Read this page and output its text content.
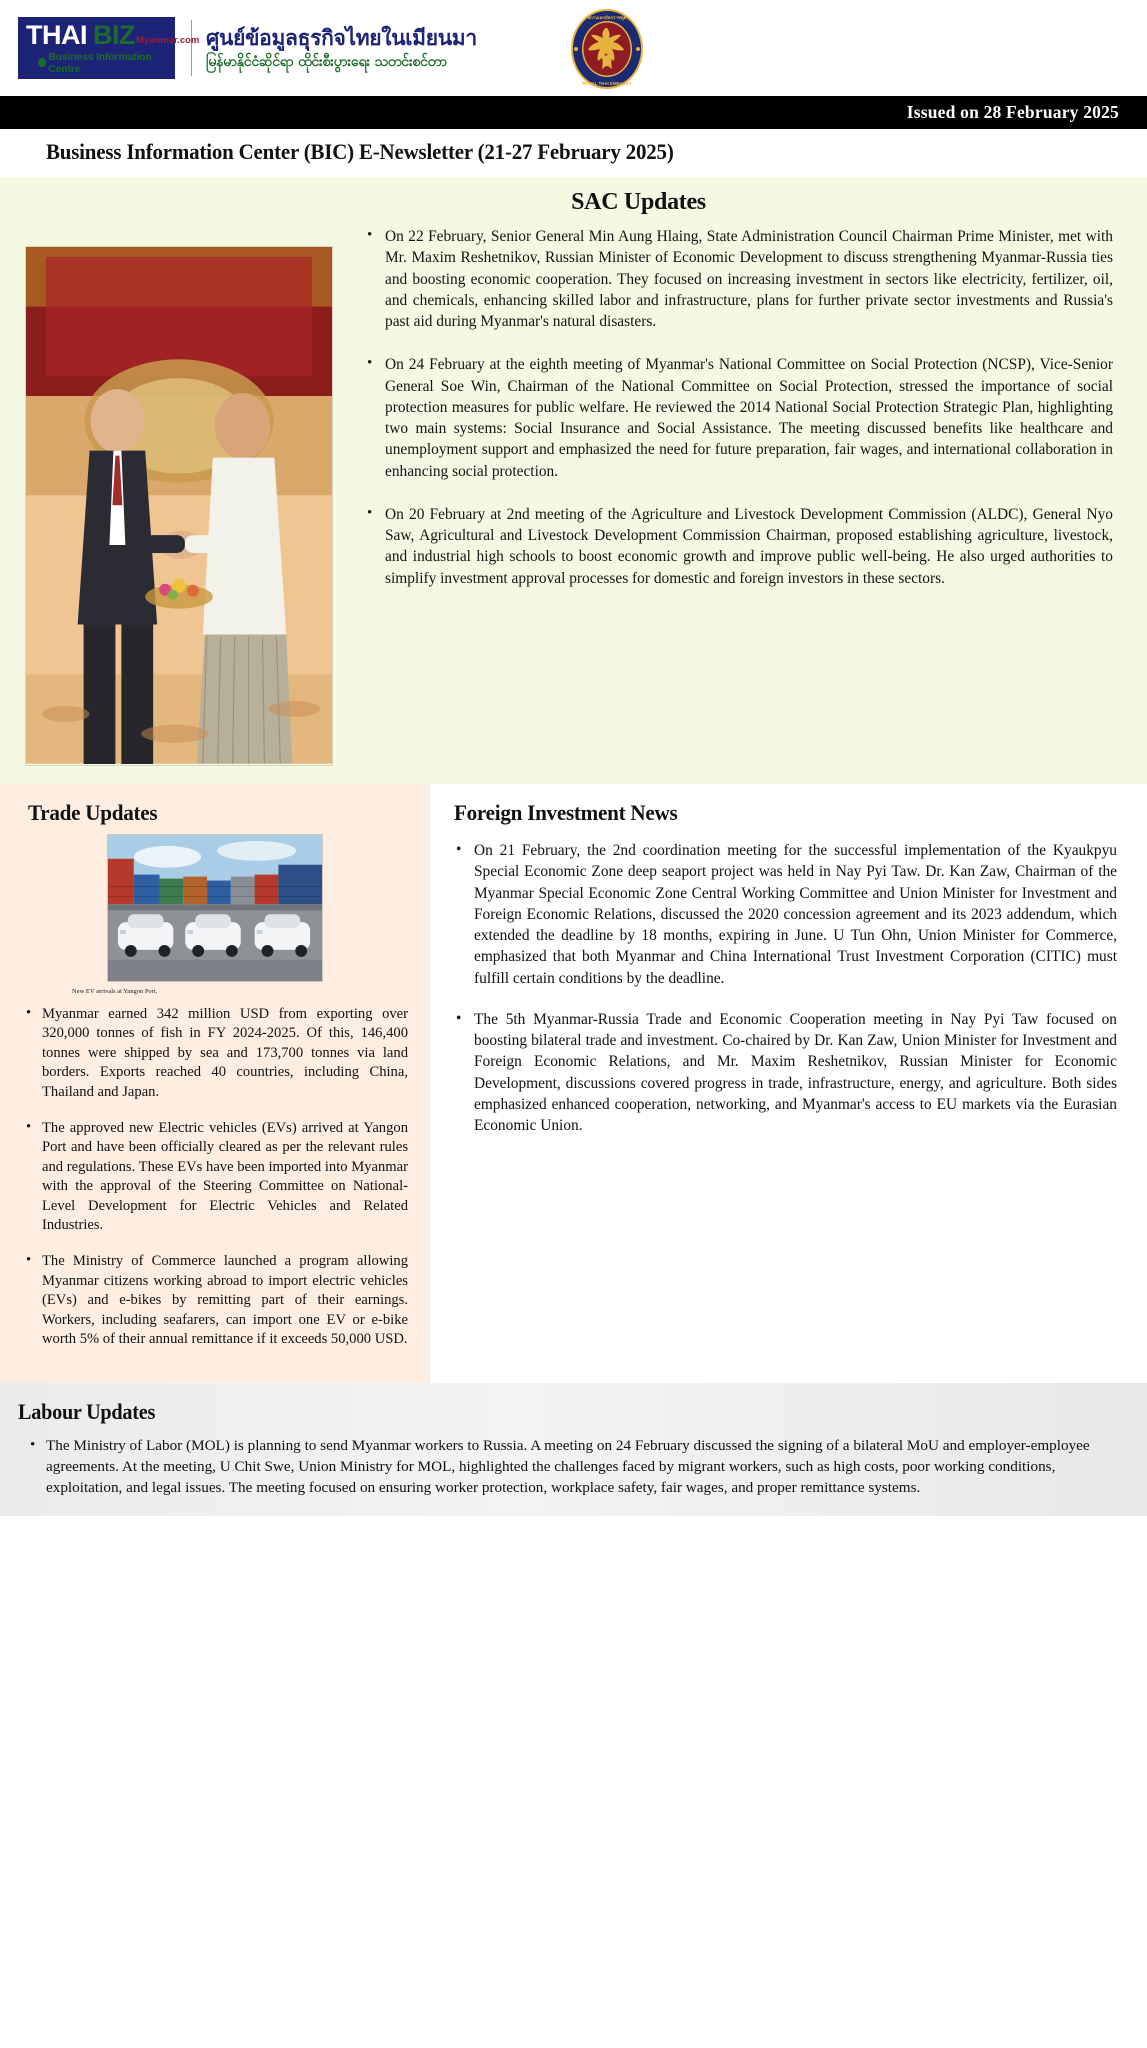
THAI BIZ Myanmar.com
Business Information Centre
ศูนย์ข้อมูลธุรกิจไทยในเมียนมา
မြန်မာနိုင်ငံဆိုင်ရာ ထိုင်းစီးပွားရေး သတင်းစင်တာ
สถานเอกอัครราชทูต
ROYAL THAI EMBASSY
Issued on 28 February 2025
Business Information Center (BIC) E-Newsletter (21-27 February 2025)
SAC Updates
• On 22 February, Senior General Min Aung Hlaing, State Administration Council Chairman Prime Minister, met with Mr. Maxim Reshetnikov, Russian Minister of Economic Development to discuss strengthening Myanmar-Russia ties and boosting economic cooperation. They focused on increasing investment in sectors like electricity, fertilizer, oil, and chemicals, enhancing skilled labor and infrastructure, plans for further private sector investments and Russia's past aid during Myanmar's natural disasters.
• On 24 February at the eighth meeting of Myanmar's National Committee on Social Protection (NCSP), Vice-Senior General Soe Win, Chairman of the National Committee on Social Protection, stressed the importance of social protection measures for public welfare. He reviewed the 2014 National Social Protection Strategic Plan, highlighting two main systems: Social Insurance and Social Assistance. The meeting discussed benefits like healthcare and unemployment support and emphasized the need for future preparation, fair wages, and international collaboration in enhancing social protection.
• On 20 February at 2nd meeting of the Agriculture and Livestock Development Commission (ALDC), General Nyo Saw, Agricultural and Livestock Development Commission Chairman, proposed establishing agriculture, livestock, and industrial high schools to boost economic growth and improve public well-being. He also urged authorities to simplify investment approval processes for domestic and foreign investors in these sectors.
Trade Updates
New EV arrivals at Yangon Port.
• Myanmar earned 342 million USD from exporting over 320,000 tonnes of fish in FY 2024-2025. Of this, 146,400 tonnes were shipped by sea and 173,700 tonnes via land borders. Exports reached 40 countries, including China, Thailand and Japan.
• The approved new Electric vehicles (EVs) arrived at Yangon Port and have been officially cleared as per the relevant rules and regulations. These EVs have been imported into Myanmar with the approval of the Steering Committee on National-Level Development for Electric Vehicles and Related Industries.
• The Ministry of Commerce launched a program allowing Myanmar citizens working abroad to import electric vehicles (EVs) and e-bikes by remitting part of their earnings. Workers, including seafarers, can import one EV or e-bike worth 5% of their annual remittance if it exceeds 50,000 USD.
Foreign Investment News
• On 21 February, the 2nd coordination meeting for the successful implementation of the Kyaukpyu Special Economic Zone deep seaport project was held in Nay Pyi Taw. Dr. Kan Zaw, Chairman of the Myanmar Special Economic Zone Central Working Committee and Union Minister for Investment and Foreign Economic Relations, discussed the 2020 concession agreement and its 2023 addendum, which extended the deadline by 18 months, expiring in June. U Tun Ohn, Union Minister for Commerce, emphasized that both Myanmar and China International Trust Investment Corporation (CITIC) must fulfill certain conditions by the deadline.
• The 5th Myanmar-Russia Trade and Economic Cooperation meeting in Nay Pyi Taw focused on boosting bilateral trade and investment. Co-chaired by Dr. Kan Zaw, Union Minister for Investment and Foreign Economic Relations, and Mr. Maxim Reshetnikov, Russian Minister for Economic Development, discussions covered progress in trade, infrastructure, energy, and agriculture. Both sides emphasized enhanced cooperation, networking, and Myanmar's access to EU markets via the Eurasian Economic Union.
Labour Updates
• The Ministry of Labor (MOL) is planning to send Myanmar workers to Russia. A meeting on 24 February discussed the signing of a bilateral MoU and employer-employee agreements. At the meeting, U Chit Swe, Union Ministry for MOL, highlighted the challenges faced by migrant workers, such as high costs, poor working conditions, exploitation, and legal issues. The meeting focused on ensuring worker protection, workplace safety, fair wages, and proper remittance systems.
